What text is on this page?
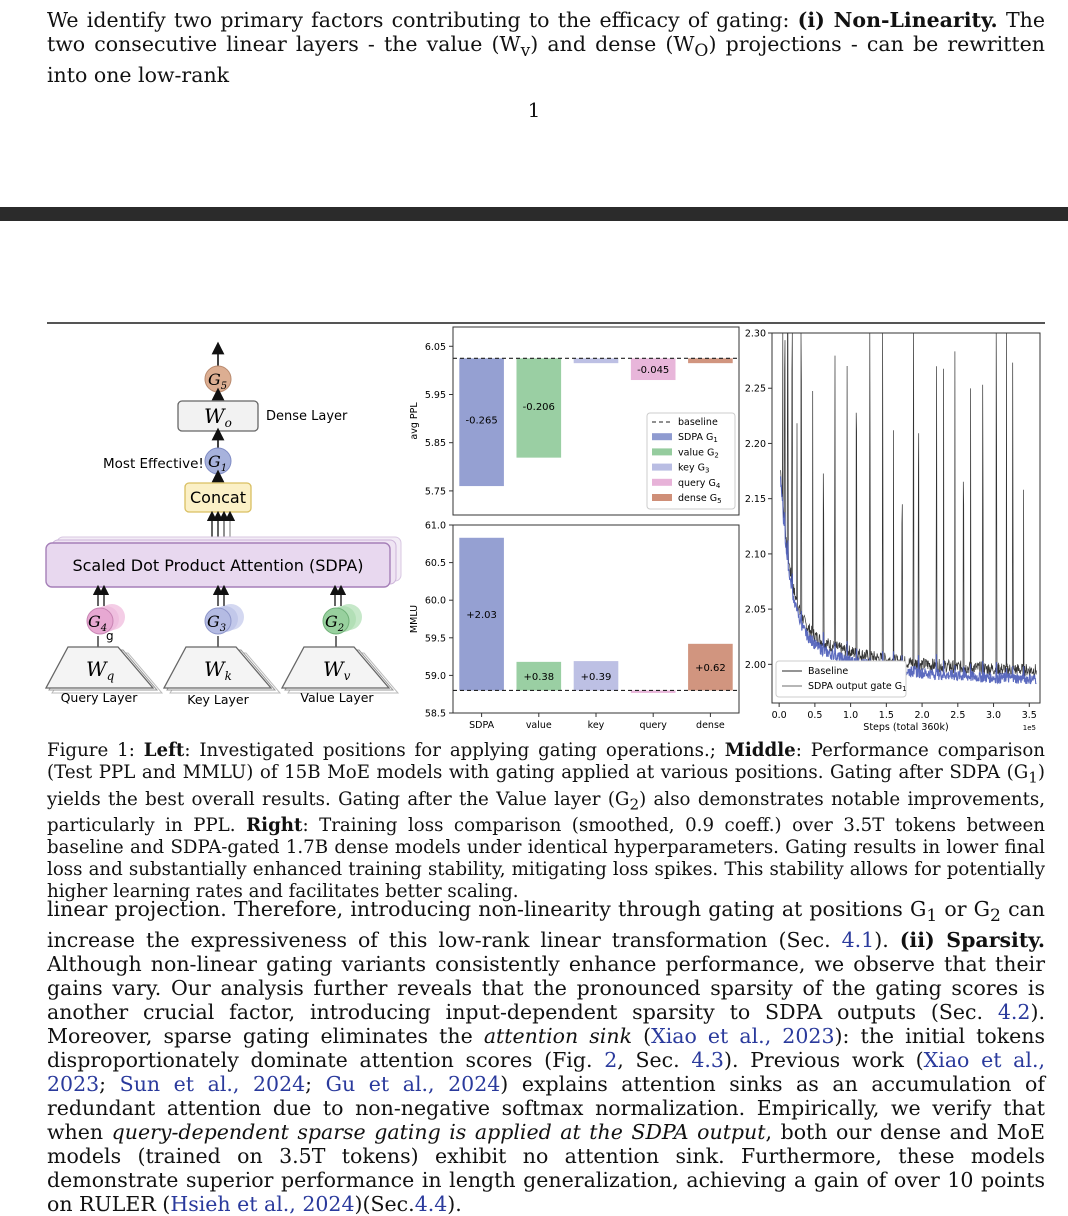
We identify two primary factors contributing to the efficacy of gating: (i) Non-Linearity. The two consecutive linear layers - the value $(W_v)$ and dense $(W_O)$ projections - can be rewritten into one low-rank

1
$G_5$
$W_o$	Dense Layer
Most Effective! $G_1$
Concat
Scaled Dot Product Attention (SDPA)
$G_4$
g
$G_3$	$G_2$
$W_q$	$W_k$	$W_v$
Query Layer	Key Layer	Value Layer
5.75
5.85
5.95
6.05
avg PPL	-0.265
-0.206
-0.045
baseline
SDPA $G_1$
value $G_2$
key $G_3$
query $G_4$
dense $G_5$
58.5
59.0
59.5
60.0
60.5
61.0
MMLU	+2.03
SDPA
+0.38
value
+0.39
key	query
+0.62
dense
2.00
2.05
2.10
2.15
2.20
2.25
2.30
0.0 0.5 1.0 1.5 2.0 2.5 3.0 3.5
Steps (total 360k)	1e5
Baseline
SDPA output gate $G_1$

Figure 1: Left: Investigated positions for applying gating operations.; Middle: Performance comparison (Test PPL and MMLU) of 15B MoE models with gating applied at various positions. Gating after SDPA $(G_1)$ yields the best overall results. Gating after the Value layer $(G_2)$ also demonstrates notable improvements, particularly in PPL. Right: Training loss comparison (smoothed, 0.9 coeff.) over 3.5T tokens between baseline and SDPA-gated 1.7B dense models under identical hyperparameters. Gating results in lower final loss and substantially enhanced training stability, mitigating loss spikes. This stability allows for potentially higher learning rates and facilitates better scaling.

linear projection. Therefore, introducing non-linearity through gating at positions $G_1$ or $G_2$ can increase the expressiveness of this low-rank linear transformation (Sec. 4.1). (ii) Sparsity. Although non-linear gating variants consistently enhance performance, we observe that their gains vary. Our analysis further reveals that the pronounced sparsity of the gating scores is another crucial factor, introducing input-dependent sparsity to SDPA outputs (Sec. 4.2). Moreover, sparse gating eliminates the attention sink (Xiao et al., 2023): the initial tokens disproportionately dominate attention scores (Fig. 2, Sec. 4.3). Previous work (Xiao et al., 2023; Sun et al., 2024; Gu et al., 2024) explains attention sinks as an accumulation of redundant attention due to non-negative softmax normalization. Empirically, we verify that when query-dependent sparse gating is applied at the SDPA output, both our dense and MoE models (trained on 3.5T tokens) exhibit no attention sink. Furthermore, these models demonstrate superior performance in length generalization, achieving a gain of over 10 points on RULER (Hsieh et al., 2024)(Sec.4.4).
